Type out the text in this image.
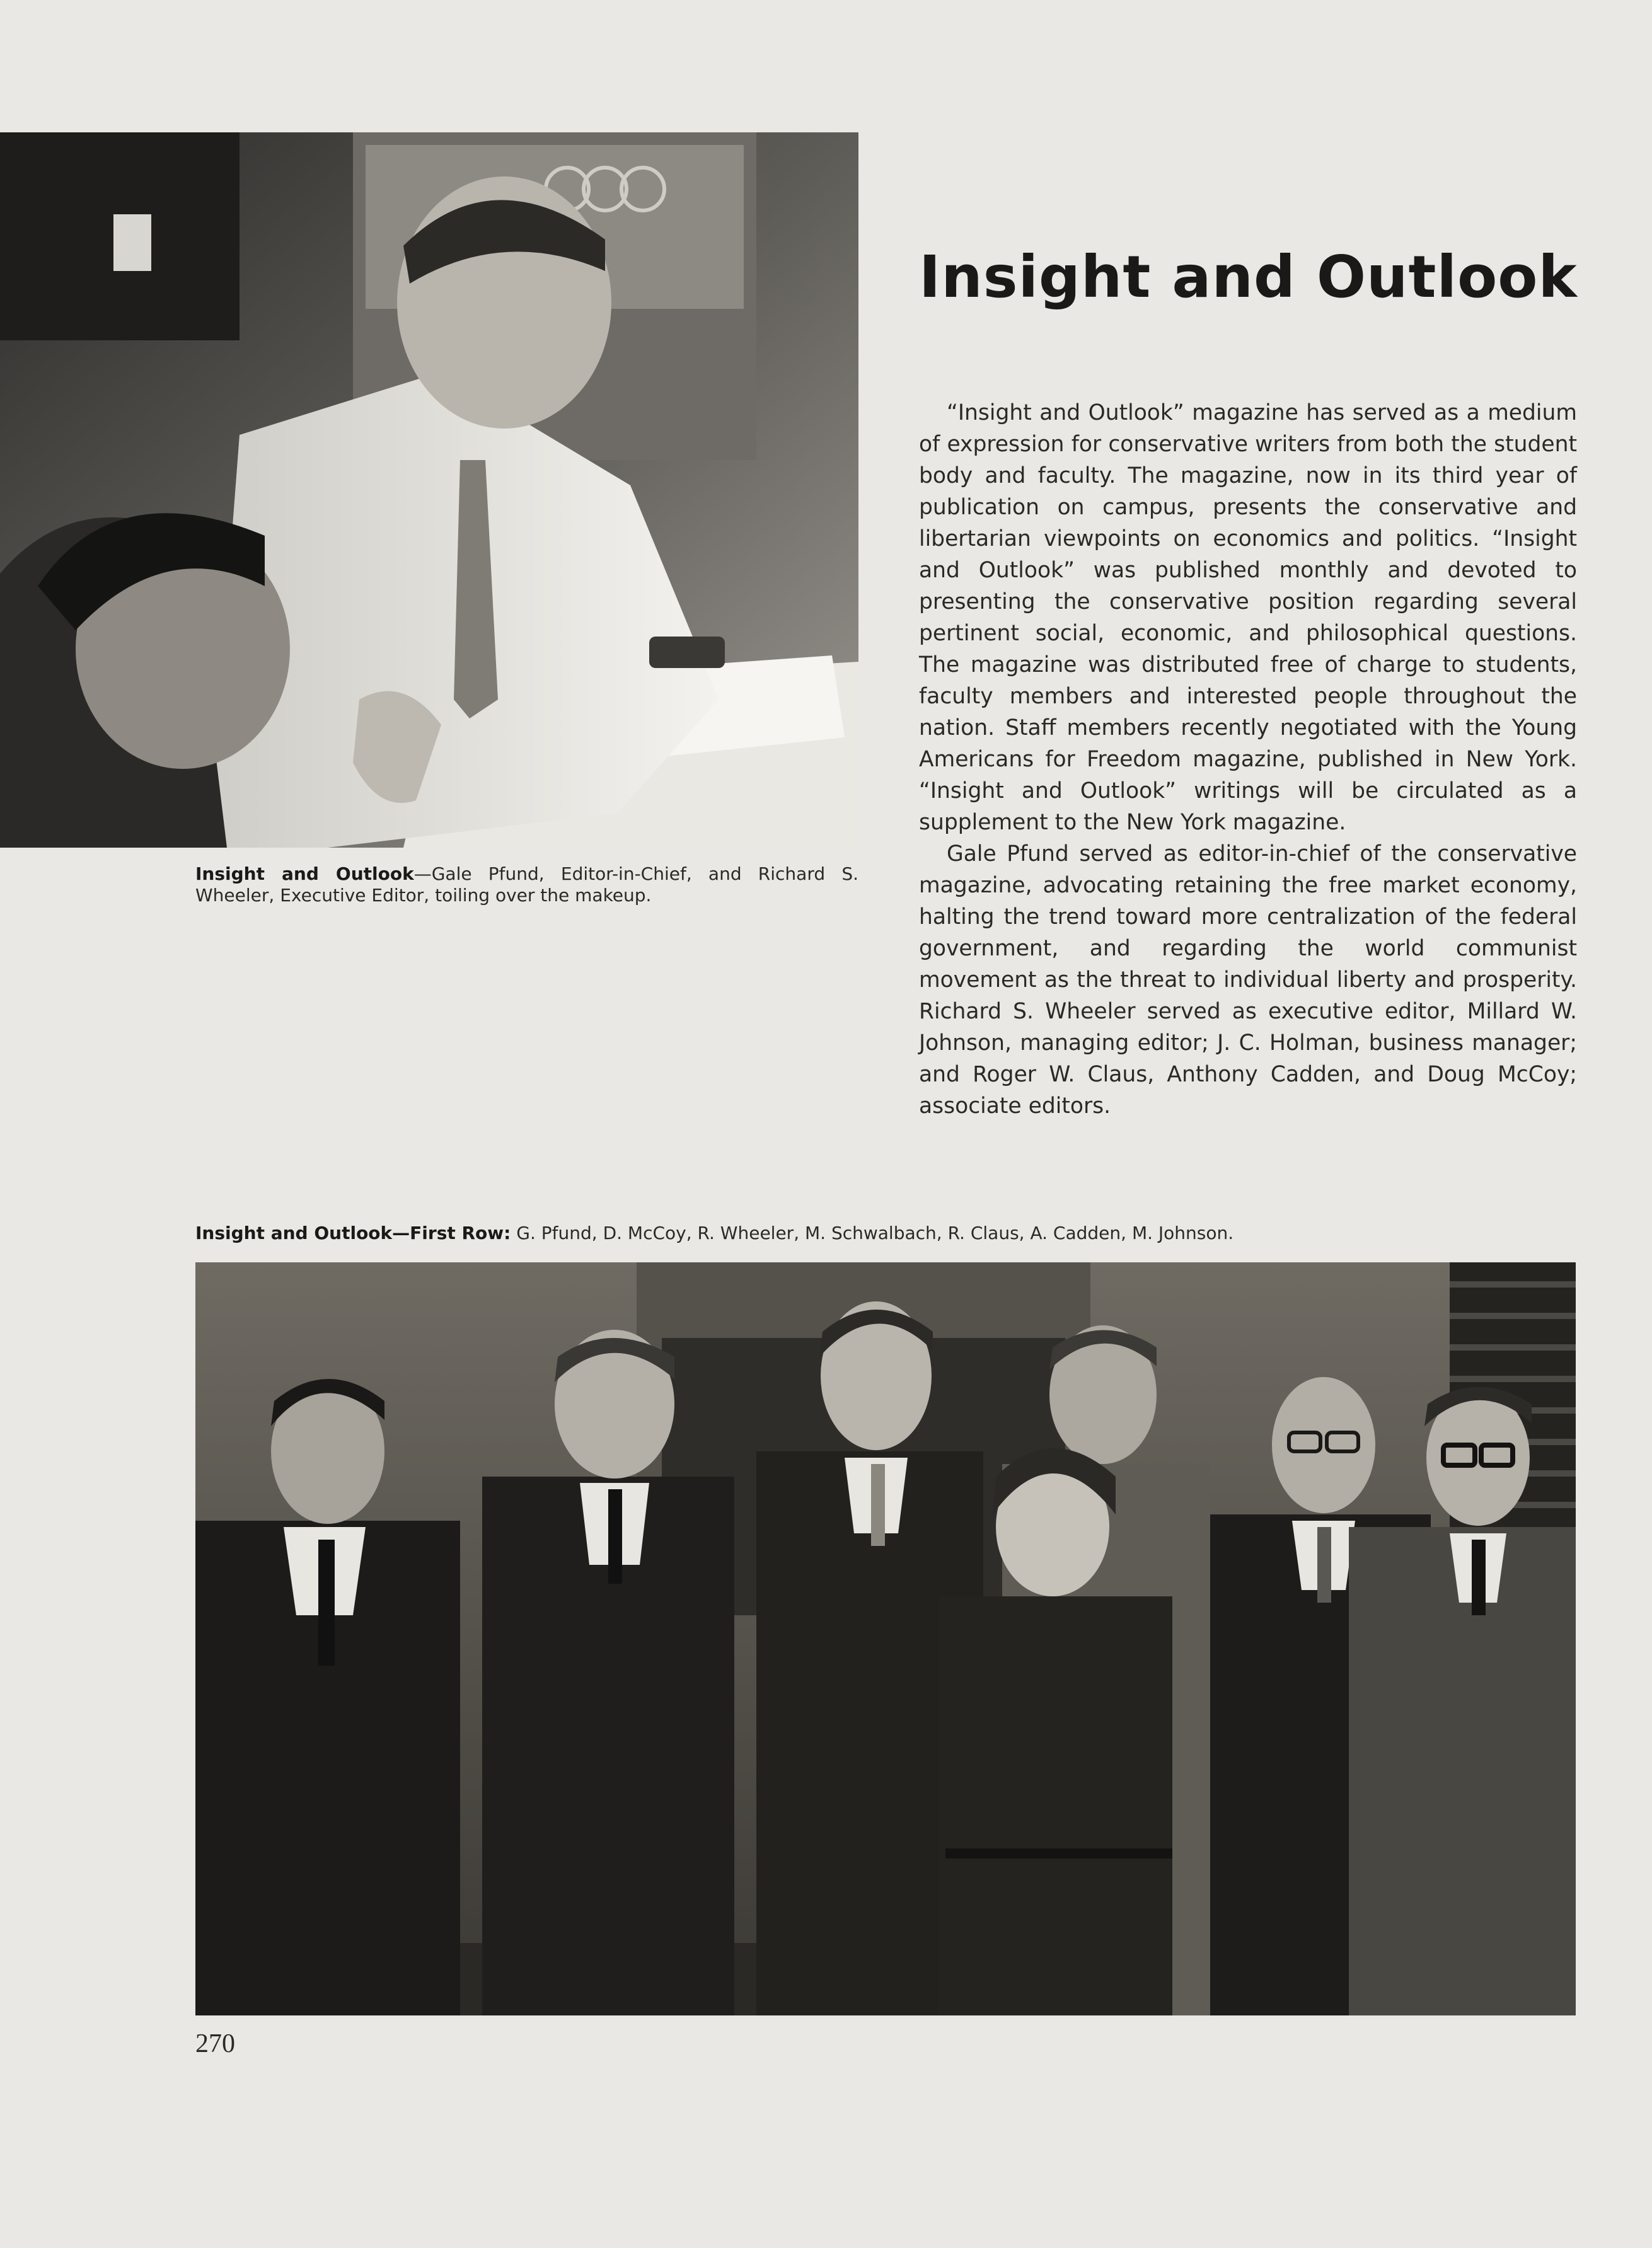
Insight and Outlook—Gale Pfund, Editor-in-Chief, and Richard S. Wheeler, Executive Editor, toiling over the makeup.
Insight and Outlook

“Insight and Outlook” magazine has served as a medium of expression for conservative writers from both the student body and faculty. The magazine, now in its third year of publication on campus, presents the conservative and libertarian viewpoints on economics and politics. “Insight and Outlook” was published monthly and devoted to presenting the conservative position regarding several pertinent social, economic, and philosophical questions. The magazine was distributed free of charge to students, faculty members and interested people throughout the nation. Staff members recently negotiated with the Young Americans for Freedom magazine, published in New York. “Insight and Outlook” writings will be circulated as a supplement to the New York magazine.

Gale Pfund served as editor-in-chief of the conservative magazine, advocating retaining the free market economy, halting the trend toward more centralization of the federal government, and regarding the world communist movement as the threat to individual liberty and prosperity. Richard S. Wheeler served as executive editor, Millard W. Johnson, managing editor; J. C. Holman, business manager; and Roger W. Claus, Anthony Cadden, and Doug McCoy; associate editors.

Insight and Outlook—First Row: G. Pfund, D. McCoy, R. Wheeler, M. Schwalbach, R. Claus, A. Cadden, M. Johnson.
270
